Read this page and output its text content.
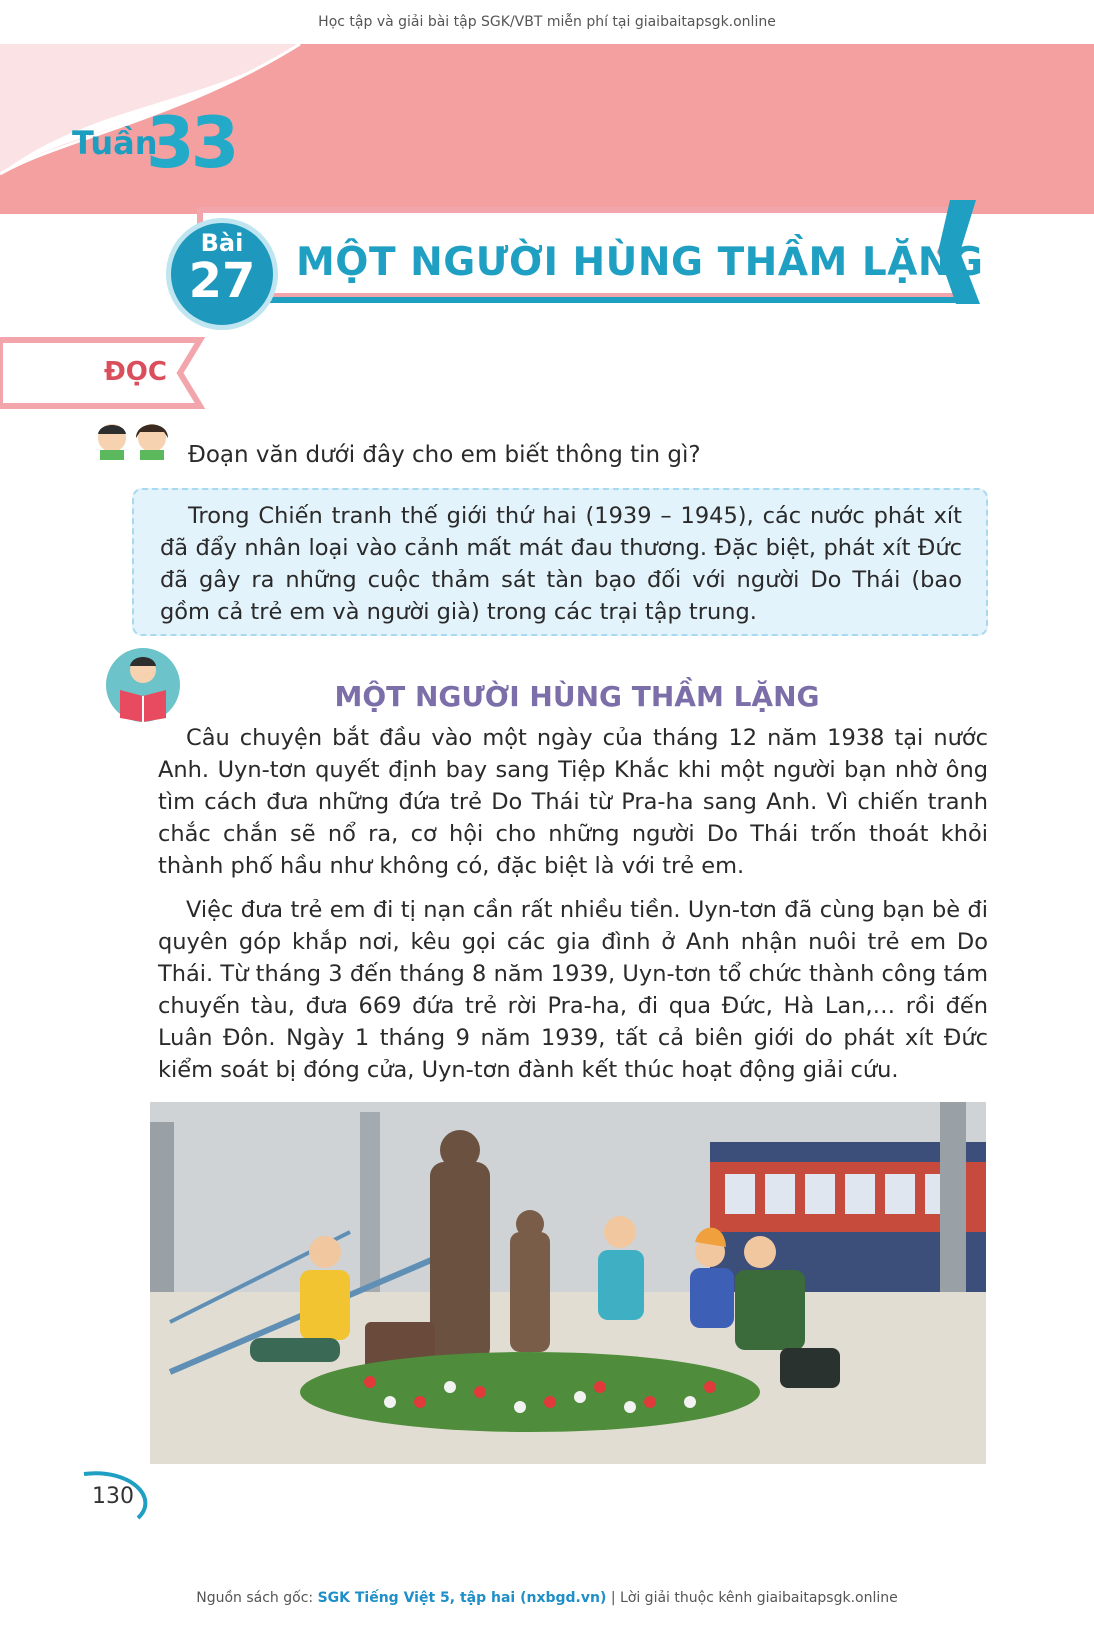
Học tập và giải bài tập SGK/VBT miễn phí tại giaibaitapsgk.online
Tuần
33
Bài
27	MỘT NGƯỜI HÙNG THẦM LẶNG
ĐỌC
Đoạn văn dưới đây cho em biết thông tin gì?

Trong Chiến tranh thế giới thứ hai (1939 – 1945), các nước phát xít đã đẩy nhân loại vào cảnh mất mát đau thương. Đặc biệt, phát xít Đức đã gây ra những cuộc thảm sát tàn bạo đối với người Do Thái (bao gồm cả trẻ em và người già) trong các trại tập trung.

MỘT NGƯỜI HÙNG THẦM LẶNG

Câu chuyện bắt đầu vào một ngày của tháng 12 năm 1938 tại nước Anh. Uyn-tơn quyết định bay sang Tiệp Khắc khi một người bạn nhờ ông tìm cách đưa những đứa trẻ Do Thái từ Pra-ha sang Anh. Vì chiến tranh chắc chắn sẽ nổ ra, cơ hội cho những người Do Thái trốn thoát khỏi thành phố hầu như không có, đặc biệt là với trẻ em.

Việc đưa trẻ em đi tị nạn cần rất nhiều tiền. Uyn-tơn đã cùng bạn bè đi quyên góp khắp nơi, kêu gọi các gia đình ở Anh nhận nuôi trẻ em Do Thái. Từ tháng 3 đến tháng 8 năm 1939, Uyn-tơn tổ chức thành công tám chuyến tàu, đưa 669 đứa trẻ rời Pra-ha, đi qua Đức, Hà Lan,… rồi đến Luân Đôn. Ngày 1 tháng 9 năm 1939, tất cả biên giới do phát xít Đức kiểm soát bị đóng cửa, Uyn-tơn đành kết thúc hoạt động giải cứu.

130
Nguồn sách gốc: SGK Tiếng Việt 5, tập hai (nxbgd.vn) | Lời giải thuộc kênh giaibaitapsgk.online
